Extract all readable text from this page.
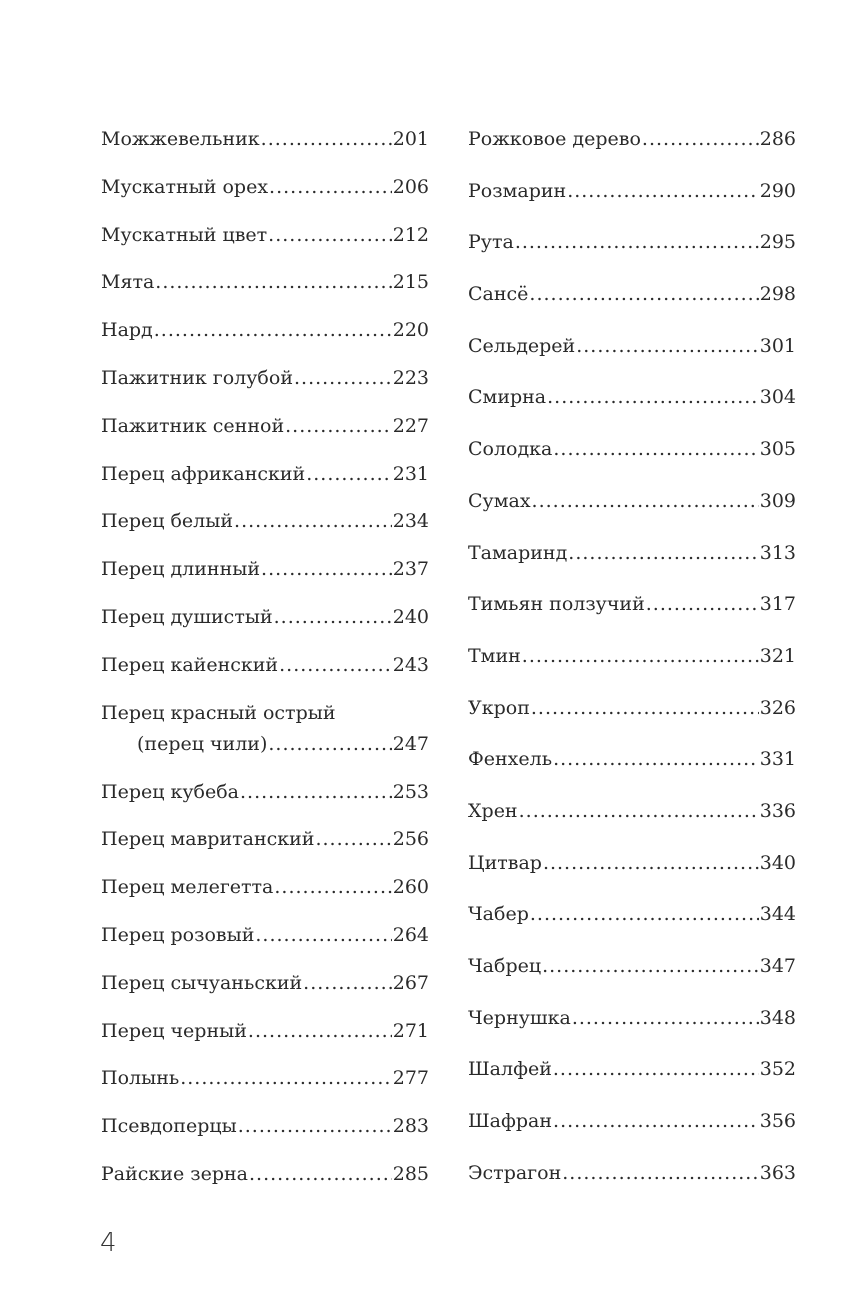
Можжевельник .....	201
Мускатный орех .....	206
Мускатный цвет .....	212
Мята .....	215
Нард .....	220
Пажитник голубой .....	223
Пажитник сенной .....	227
Перец африканский .....	231
Перец белый .....	234
Перец длинный .....	237
Перец душистый .....	240
Перец кайенский .....	243
Перец красный острый
(перец чили) .....	247
Перец кубеба .....	253
Перец мавританский .....	256
Перец мелегетта .....	260
Перец розовый .....	264
Перец сычуаньский .....	267
Перец черный .....	271
Полынь .....	277
Псевдоперцы .....	283
Райские зерна .....	285
Рожковое дерево .....	286
Розмарин .....	290
Рута .....	295
Сансё .....	298
Сельдерей .....	301
Смирна .....	304
Солодка .....	305
Сумах .....	309
Тамаринд .....	313
Тимьян ползучий .....	317
Тмин .....	321
Укроп .....	326
Фенхель .....	331
Хрен .....	336
Цитвар .....	340
Чабер .....	344
Чабрец .....	347
Чернушка .....	348
Шалфей .....	352
Шафран .....	356
Эстрагон .....	363
4
